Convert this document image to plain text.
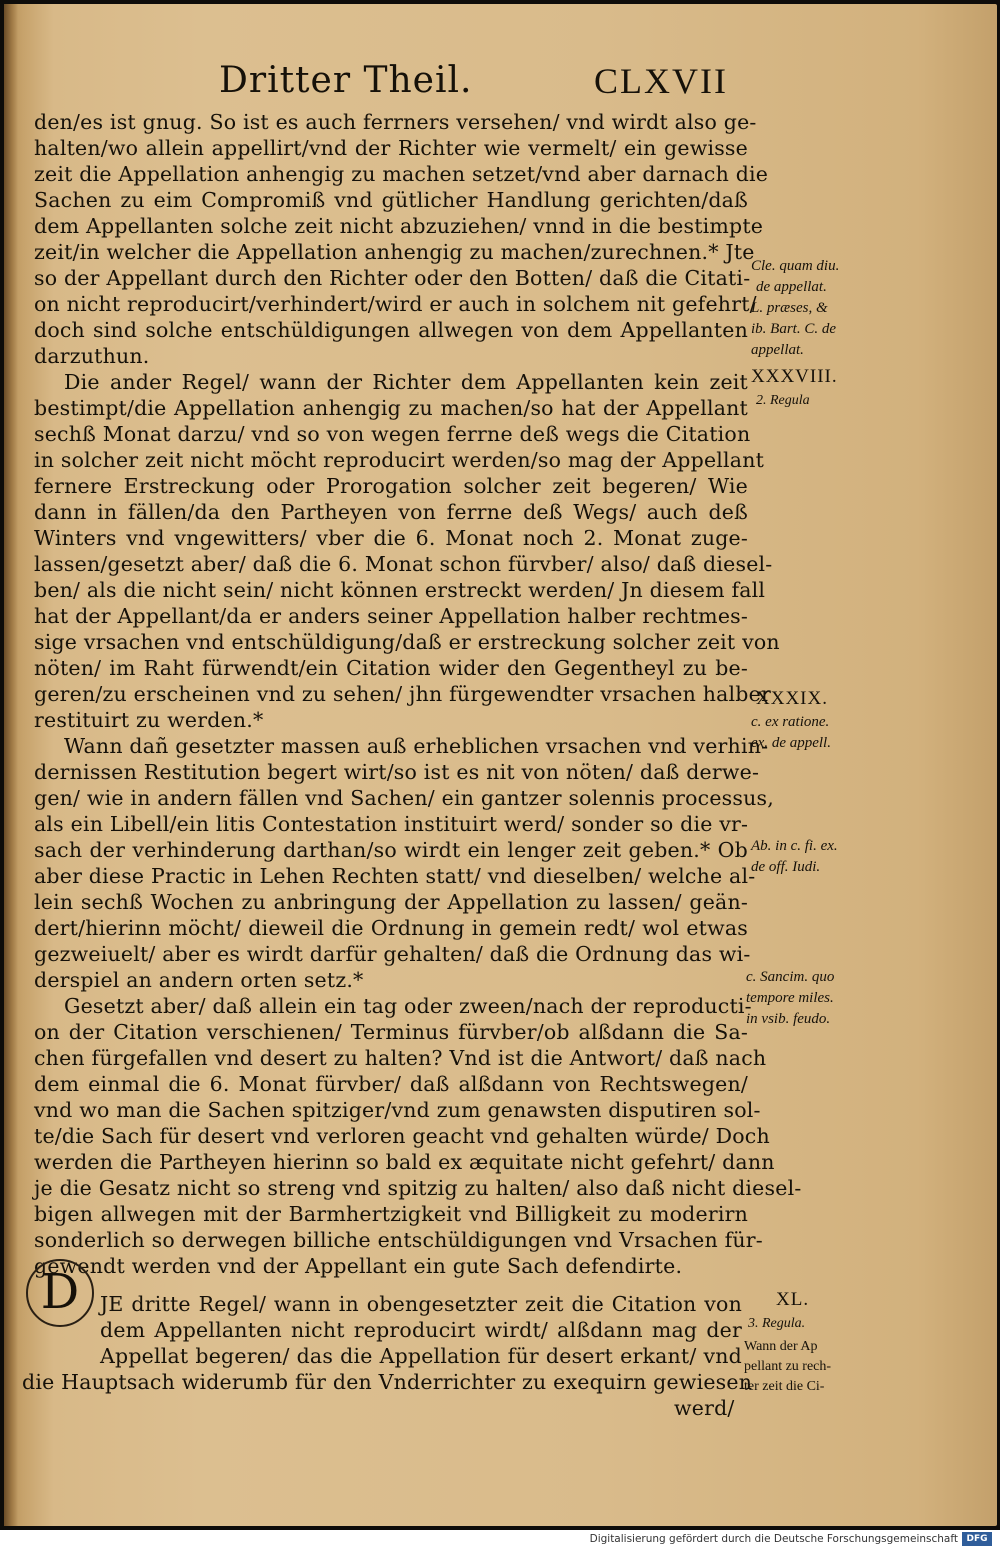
Dritter Theil.	CLXVII
den/es ist gnug. So ist es auch ferrners versehen/ vnd wirdt also ge-
halten/wo allein appellirt/vnd der Richter wie vermelt/ ein gewisse
zeit die Appellation anhengig zu machen setzet/vnd aber darnach die
Sachen zu eim Compromiß vnd gütlicher Handlung gerichten/daß
dem Appellanten solche zeit nicht abzuziehen/ vnnd in die bestimpte
zeit/in welcher die Appellation anhengig zu machen/zurechnen.* Jte
so der Appellant durch den Richter oder den Botten/ daß die Citati-
on nicht reproducirt/verhindert/wird er auch in solchem nit gefehrt/
doch sind solche entschüldigungen allwegen von dem Appellanten
darzuthun.
Die ander Regel/ wann der Richter dem Appellanten kein zeit
bestimpt/die Appellation anhengig zu machen/so hat der Appellant
sechß Monat darzu/ vnd so von wegen ferrne deß wegs die Citation
in solcher zeit nicht möcht reproducirt werden/so mag der Appellant
fernere Erstreckung oder Prorogation solcher zeit begeren/ Wie
dann in fällen/da den Partheyen von ferrne deß Wegs/ auch deß
Winters vnd vngewitters/ vber die 6. Monat noch 2. Monat zuge-
lassen/gesetzt aber/ daß die 6. Monat schon fürvber/ also/ daß diesel-
ben/ als die nicht sein/ nicht können erstreckt werden/ Jn diesem fall
hat der Appellant/da er anders seiner Appellation halber rechtmes-
sige vrsachen vnd entschüldigung/daß er erstreckung solcher zeit von
nöten/ im Raht fürwendt/ein Citation wider den Gegentheyl zu be-
geren/zu erscheinen vnd zu sehen/ jhn fürgewendter vrsachen halber
restituirt zu werden.*
Wann dañ gesetzter massen auß erheblichen vrsachen vnd verhin-
dernissen Restitution begert wirt/so ist es nit von nöten/ daß derwe-
gen/ wie in andern fällen vnd Sachen/ ein gantzer solennis processus,
als ein Libell/ein litis Contestation instituirt werd/ sonder so die vr-
sach der verhinderung darthan/so wirdt ein lenger zeit geben.* Ob
aber diese Practic in Lehen Rechten statt/ vnd dieselben/ welche al-
lein sechß Wochen zu anbringung der Appellation zu lassen/ geän-
dert/hierinn möcht/ dieweil die Ordnung in gemein redt/ wol etwas
gezweiuelt/ aber es wirdt darfür gehalten/ daß die Ordnung das wi-
derspiel an andern orten setz.*
Gesetzt aber/ daß allein ein tag oder zween/nach der reproducti-
on der Citation verschienen/ Terminus fürvber/ob alßdann die Sa-
chen fürgefallen vnd desert zu halten? Vnd ist die Antwort/ daß nach
dem einmal die 6. Monat fürvber/ daß alßdann von Rechtswegen/
vnd wo man die Sachen spitziger/vnd zum genawsten disputiren sol-
te/die Sach für desert vnd verloren geacht vnd gehalten würde/ Doch
werden die Partheyen hierinn so bald ex æquitate nicht gefehrt/ dann
je die Gesatz nicht so streng vnd spitzig zu halten/ also daß nicht diesel-
bigen allwegen mit der Barmhertzigkeit vnd Billigkeit zu moderirn
sonderlich so derwegen billiche entschüldigungen vnd Vrsachen für-
gewendt werden vnd der Appellant ein gute Sach defendirte.
D	JE dritte Regel/ wann in obengesetzter zeit die Citation von
dem Appellanten nicht reproducirt wirdt/ alßdann mag der
Appellat begeren/ das die Appellation für desert erkant/ vnd
die Hauptsach widerumb für den Vnderrichter zu exequirn gewiesen
werd/
Cle. quam diu.
de appellat.
L. præses, &
ib. Bart. C. de
appellat.
XXXVIII.
2. Regula
XXXIX.
c. ex ratione.
ex. de appell.
Ab. in c. fi. ex.
de off. Iudi.
c. Sancim. quo
tempore miles.
in vsib. feudo.
XL.
3. Regula.
Wann der Ap
pellant zu rech-
ter zeit die Ci-
Digitalisierung gefördert durch die Deutsche Forschungsgemeinschaft DFG
